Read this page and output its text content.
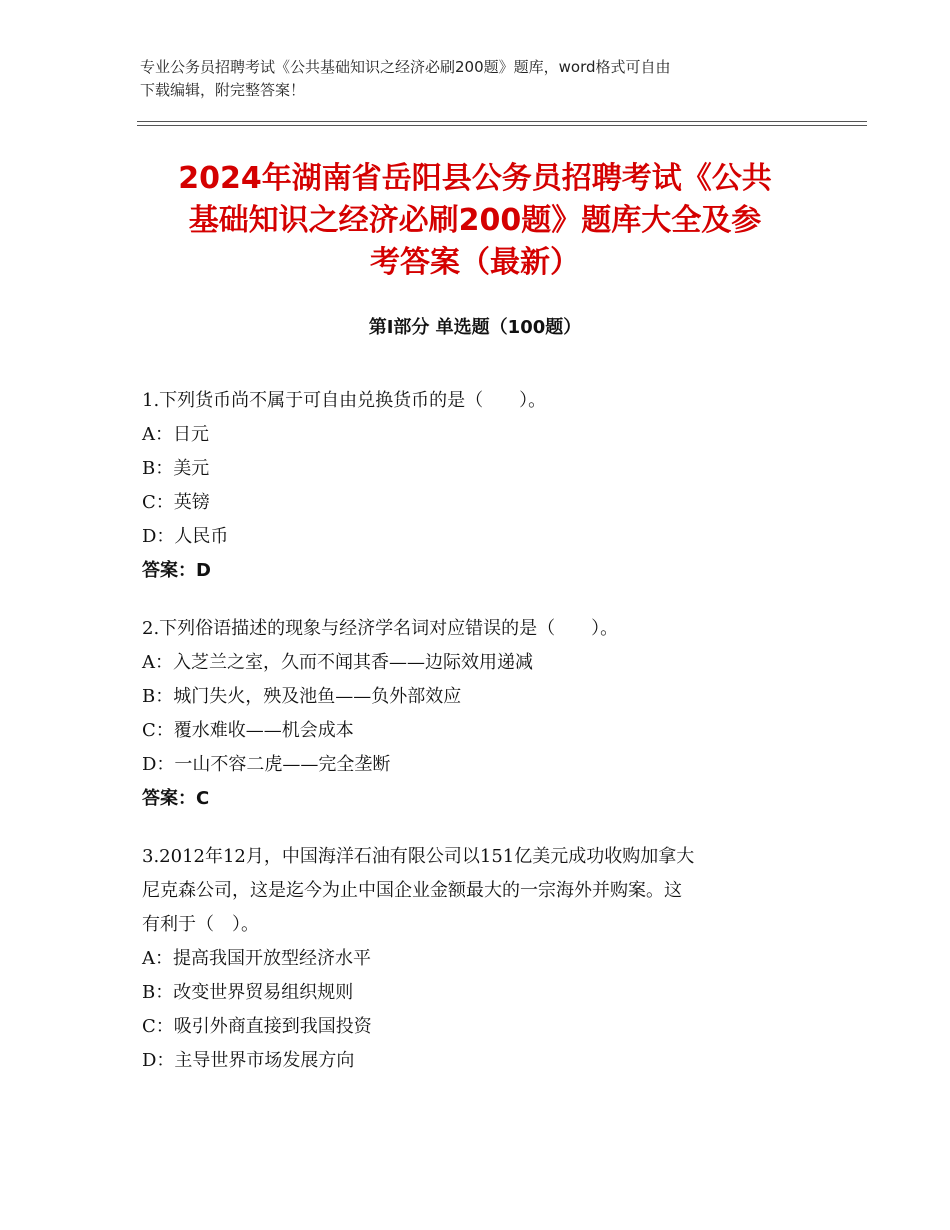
专业公务员招聘考试《公共基础知识之经济必刷200题》题库，word格式可自由
下载编辑，附完整答案！
2024年湖南省岳阳县公务员招聘考试《公共
基础知识之经济必刷200题》题库大全及参
考答案（最新）
第Ⅰ部分 单选题（100题）
1.下列货币尚不属于可自由兑换货币的是（　　）。
A：日元
B：美元
C：英镑
D：人民币
答案：D
2.下列俗语描述的现象与经济学名词对应错误的是（　　）。
A：入芝兰之室，久而不闻其香——边际效用递减
B：城门失火，殃及池鱼——负外部效应
C：覆水难收——机会成本
D：一山不容二虎——完全垄断
答案：C
3.2012年12月，中国海洋石油有限公司以151亿美元成功收购加拿大
尼克森公司，这是迄今为止中国企业金额最大的一宗海外并购案。这
有利于（　）。
A：提高我国开放型经济水平
B：改变世界贸易组织规则
C：吸引外商直接到我国投资
D：主导世界市场发展方向
